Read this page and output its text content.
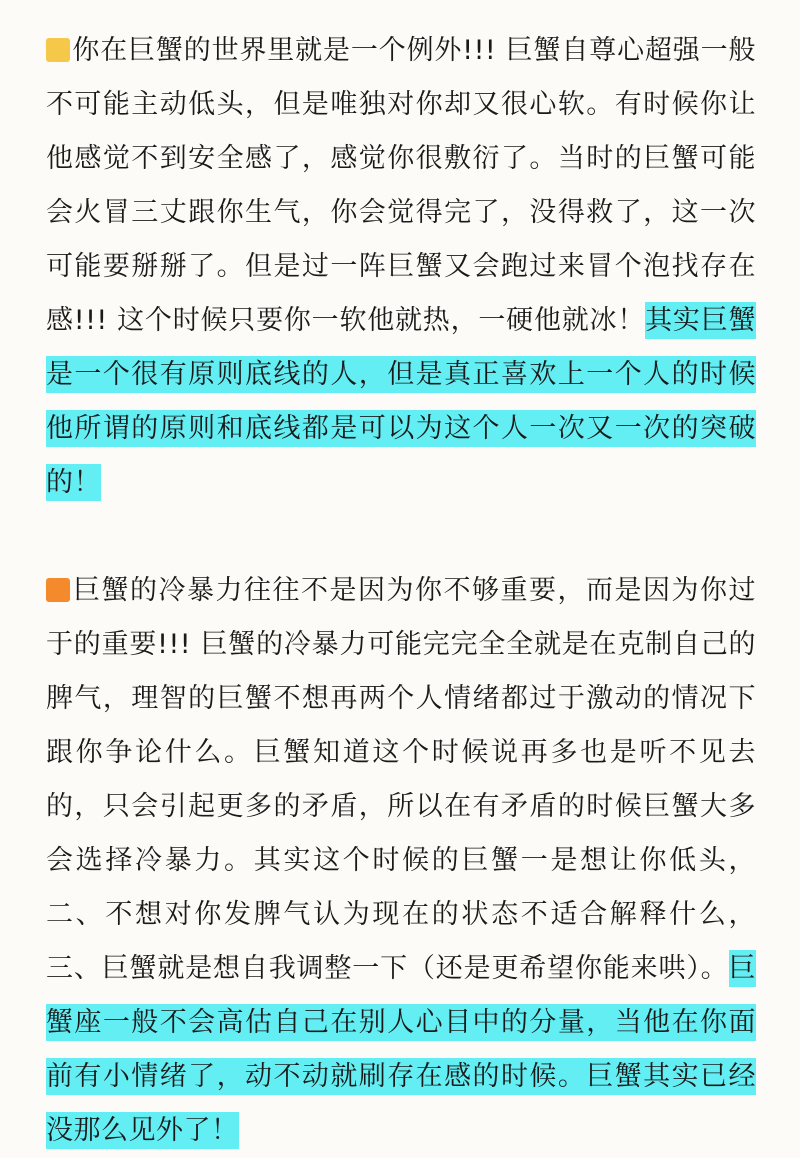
你在巨蟹的世界里就是一个例外!!! 巨蟹自尊心超强一般不可能主动低头，但是唯独对你却又很心软。有时候你让他感觉不到安全感了，感觉你很敷衍了。当时的巨蟹可能会火冒三丈跟你生气，你会觉得完了，没得救了，这一次可能要掰掰了。但是过一阵巨蟹又会跑过来冒个泡找存在感!!! 这个时候只要你一软他就热，一硬他就冰！其实巨蟹是一个很有原则底线的人，但是真正喜欢上一个人的时候他所谓的原则和底线都是可以为这个人一次又一次的突破的！

巨蟹的冷暴力往往不是因为你不够重要，而是因为你过于的重要!!! 巨蟹的冷暴力可能完完全全就是在克制自己的脾气，理智的巨蟹不想再两个人情绪都过于激动的情况下跟你争论什么。巨蟹知道这个时候说再多也是听不见去的，只会引起更多的矛盾，所以在有矛盾的时候巨蟹大多会选择冷暴力。其实这个时候的巨蟹一是想让你低头，二、不想对你发脾气认为现在的状态不适合解释什么，三、巨蟹就是想自我调整一下（还是更希望你能来哄）。巨蟹座一般不会高估自己在别人心目中的分量，当他在你面前有小情绪了，动不动就刷存在感的时候。巨蟹其实已经没那么见外了！
